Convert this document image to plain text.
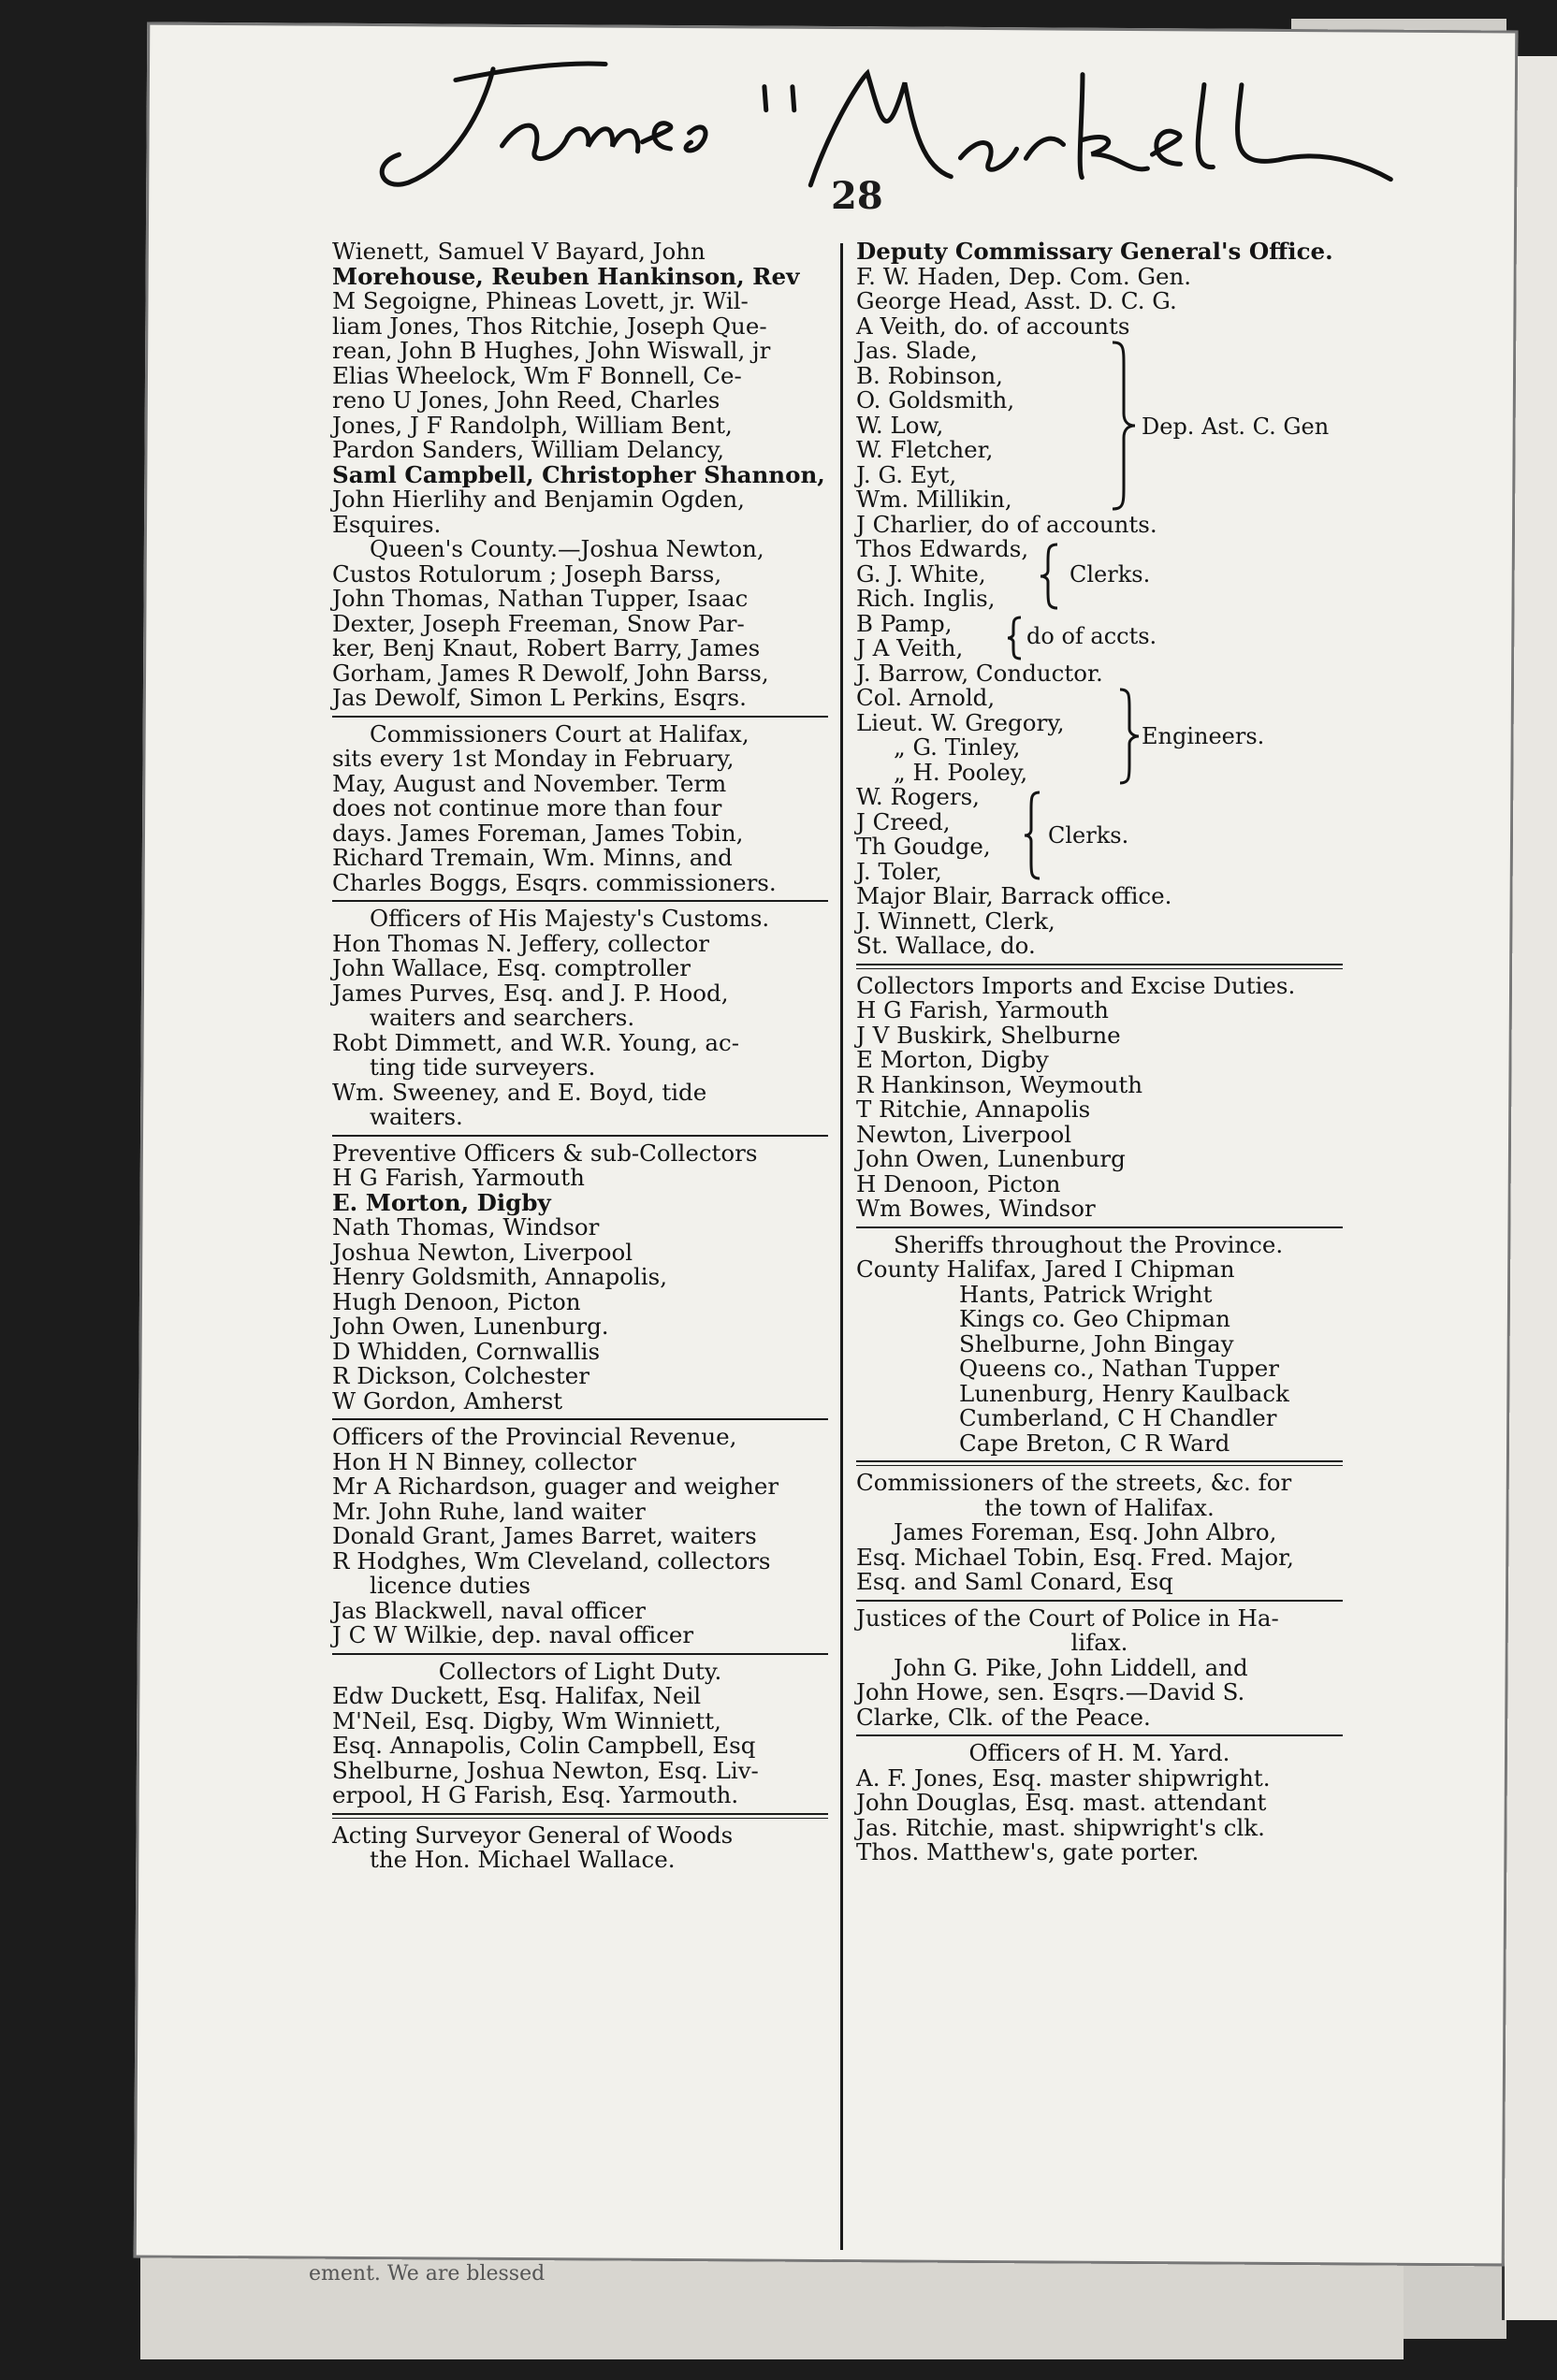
ement. We are blessed
28
Wienett, Samuel V Bayard, John
Morehouse, Reuben Hankinson, Rev
M Segoigne, Phineas Lovett, jr. Wil-
liam Jones, Thos Ritchie, Joseph Que-
rean, John B Hughes, John Wiswall, jr
Elias Wheelock, Wm F Bonnell, Ce-
reno U Jones, John Reed, Charles
Jones, J F Randolph, William Bent,
Pardon Sanders, William Delancy,
Saml Campbell, Christopher Shannon,
John Hierlihy and Benjamin Ogden,
Esquires.
Queen's County.—Joshua Newton,
Custos Rotulorum ; Joseph Barss,
John Thomas, Nathan Tupper, Isaac
Dexter, Joseph Freeman, Snow Par-
ker, Benj Knaut, Robert Barry, James
Gorham, James R Dewolf, John Barss,
Jas Dewolf, Simon L Perkins, Esqrs.
Commissioners Court at Halifax,
sits every 1st Monday in February,
May, August and November. Term
does not continue more than four
days. James Foreman, James Tobin,
Richard Tremain, Wm. Minns, and
Charles Boggs, Esqrs. commissioners.
Officers of His Majesty's Customs.
Hon Thomas N. Jeffery, collector
John Wallace, Esq. comptroller
James Purves, Esq. and J. P. Hood,
waiters and searchers.
Robt Dimmett, and W.R. Young, ac-
ting tide surveyers.
Wm. Sweeney, and E. Boyd, tide
waiters.
Preventive Officers & sub-Collectors
H G Farish, Yarmouth
E. Morton, Digby
Nath Thomas, Windsor
Joshua Newton, Liverpool
Henry Goldsmith, Annapolis,
Hugh Denoon, Picton
John Owen, Lunenburg.
D Whidden, Cornwallis
R Dickson, Colchester
W Gordon, Amherst
Officers of the Provincial Revenue,
Hon H N Binney, collector
Mr A Richardson, guager and weigher
Mr. John Ruhe, land waiter
Donald Grant, James Barret, waiters
R Hodghes, Wm Cleveland, collectors
licence duties
Jas Blackwell, naval officer
J C W Wilkie, dep. naval officer
Collectors of Light Duty.
Edw Duckett, Esq. Halifax, Neil
M'Neil, Esq. Digby, Wm Winniett,
Esq. Annapolis, Colin Campbell, Esq
Shelburne, Joshua Newton, Esq. Liv-
erpool, H G Farish, Esq. Yarmouth.
Acting Surveyor General of Woods
the Hon. Michael Wallace.
Deputy Commissary General's Office.
F. W. Haden, Dep. Com. Gen.
George Head, Asst. D. C. G.
A Veith, do. of accounts
Jas. Slade,
B. Robinson,
O. Goldsmith,
W. Low,
W. Fletcher,
J. G. Eyt,
Wm. Millikin,
Dep. Ast. C. Gen
J Charlier, do of accounts.
Thos Edwards,
G. J. White,
Rich. Inglis,
Clerks.
B Pamp,
J A Veith,	do of accts.
J. Barrow, Conductor.
Col. Arnold,
Lieut. W. Gregory,
„ G. Tinley,
„ H. Pooley,
Engineers.
W. Rogers,
J Creed,
Th Goudge,
J. Toler,
Clerks.
Major Blair, Barrack office.
J. Winnett, Clerk,
St. Wallace, do.
Collectors Imports and Excise Duties.
H G Farish, Yarmouth
J V Buskirk, Shelburne
E Morton, Digby
R Hankinson, Weymouth
T Ritchie, Annapolis
Newton, Liverpool
John Owen, Lunenburg
H Denoon, Picton
Wm Bowes, Windsor
Sheriffs throughout the Province.
County Halifax, Jared I Chipman
Hants, Patrick Wright
Kings co. Geo Chipman
Shelburne, John Bingay
Queens co., Nathan Tupper
Lunenburg, Henry Kaulback
Cumberland, C H Chandler
Cape Breton, C R Ward
Commissioners of the streets, &c. for
the town of Halifax.
James Foreman, Esq. John Albro,
Esq. Michael Tobin, Esq. Fred. Major,
Esq. and Saml Conard, Esq
Justices of the Court of Police in Ha-
lifax.
John G. Pike, John Liddell, and
John Howe, sen. Esqrs.—David S.
Clarke, Clk. of the Peace.
Officers of H. M. Yard.
A. F. Jones, Esq. master shipwright.
John Douglas, Esq. mast. attendant
Jas. Ritchie, mast. shipwright's clk.
Thos. Matthew's, gate porter.
